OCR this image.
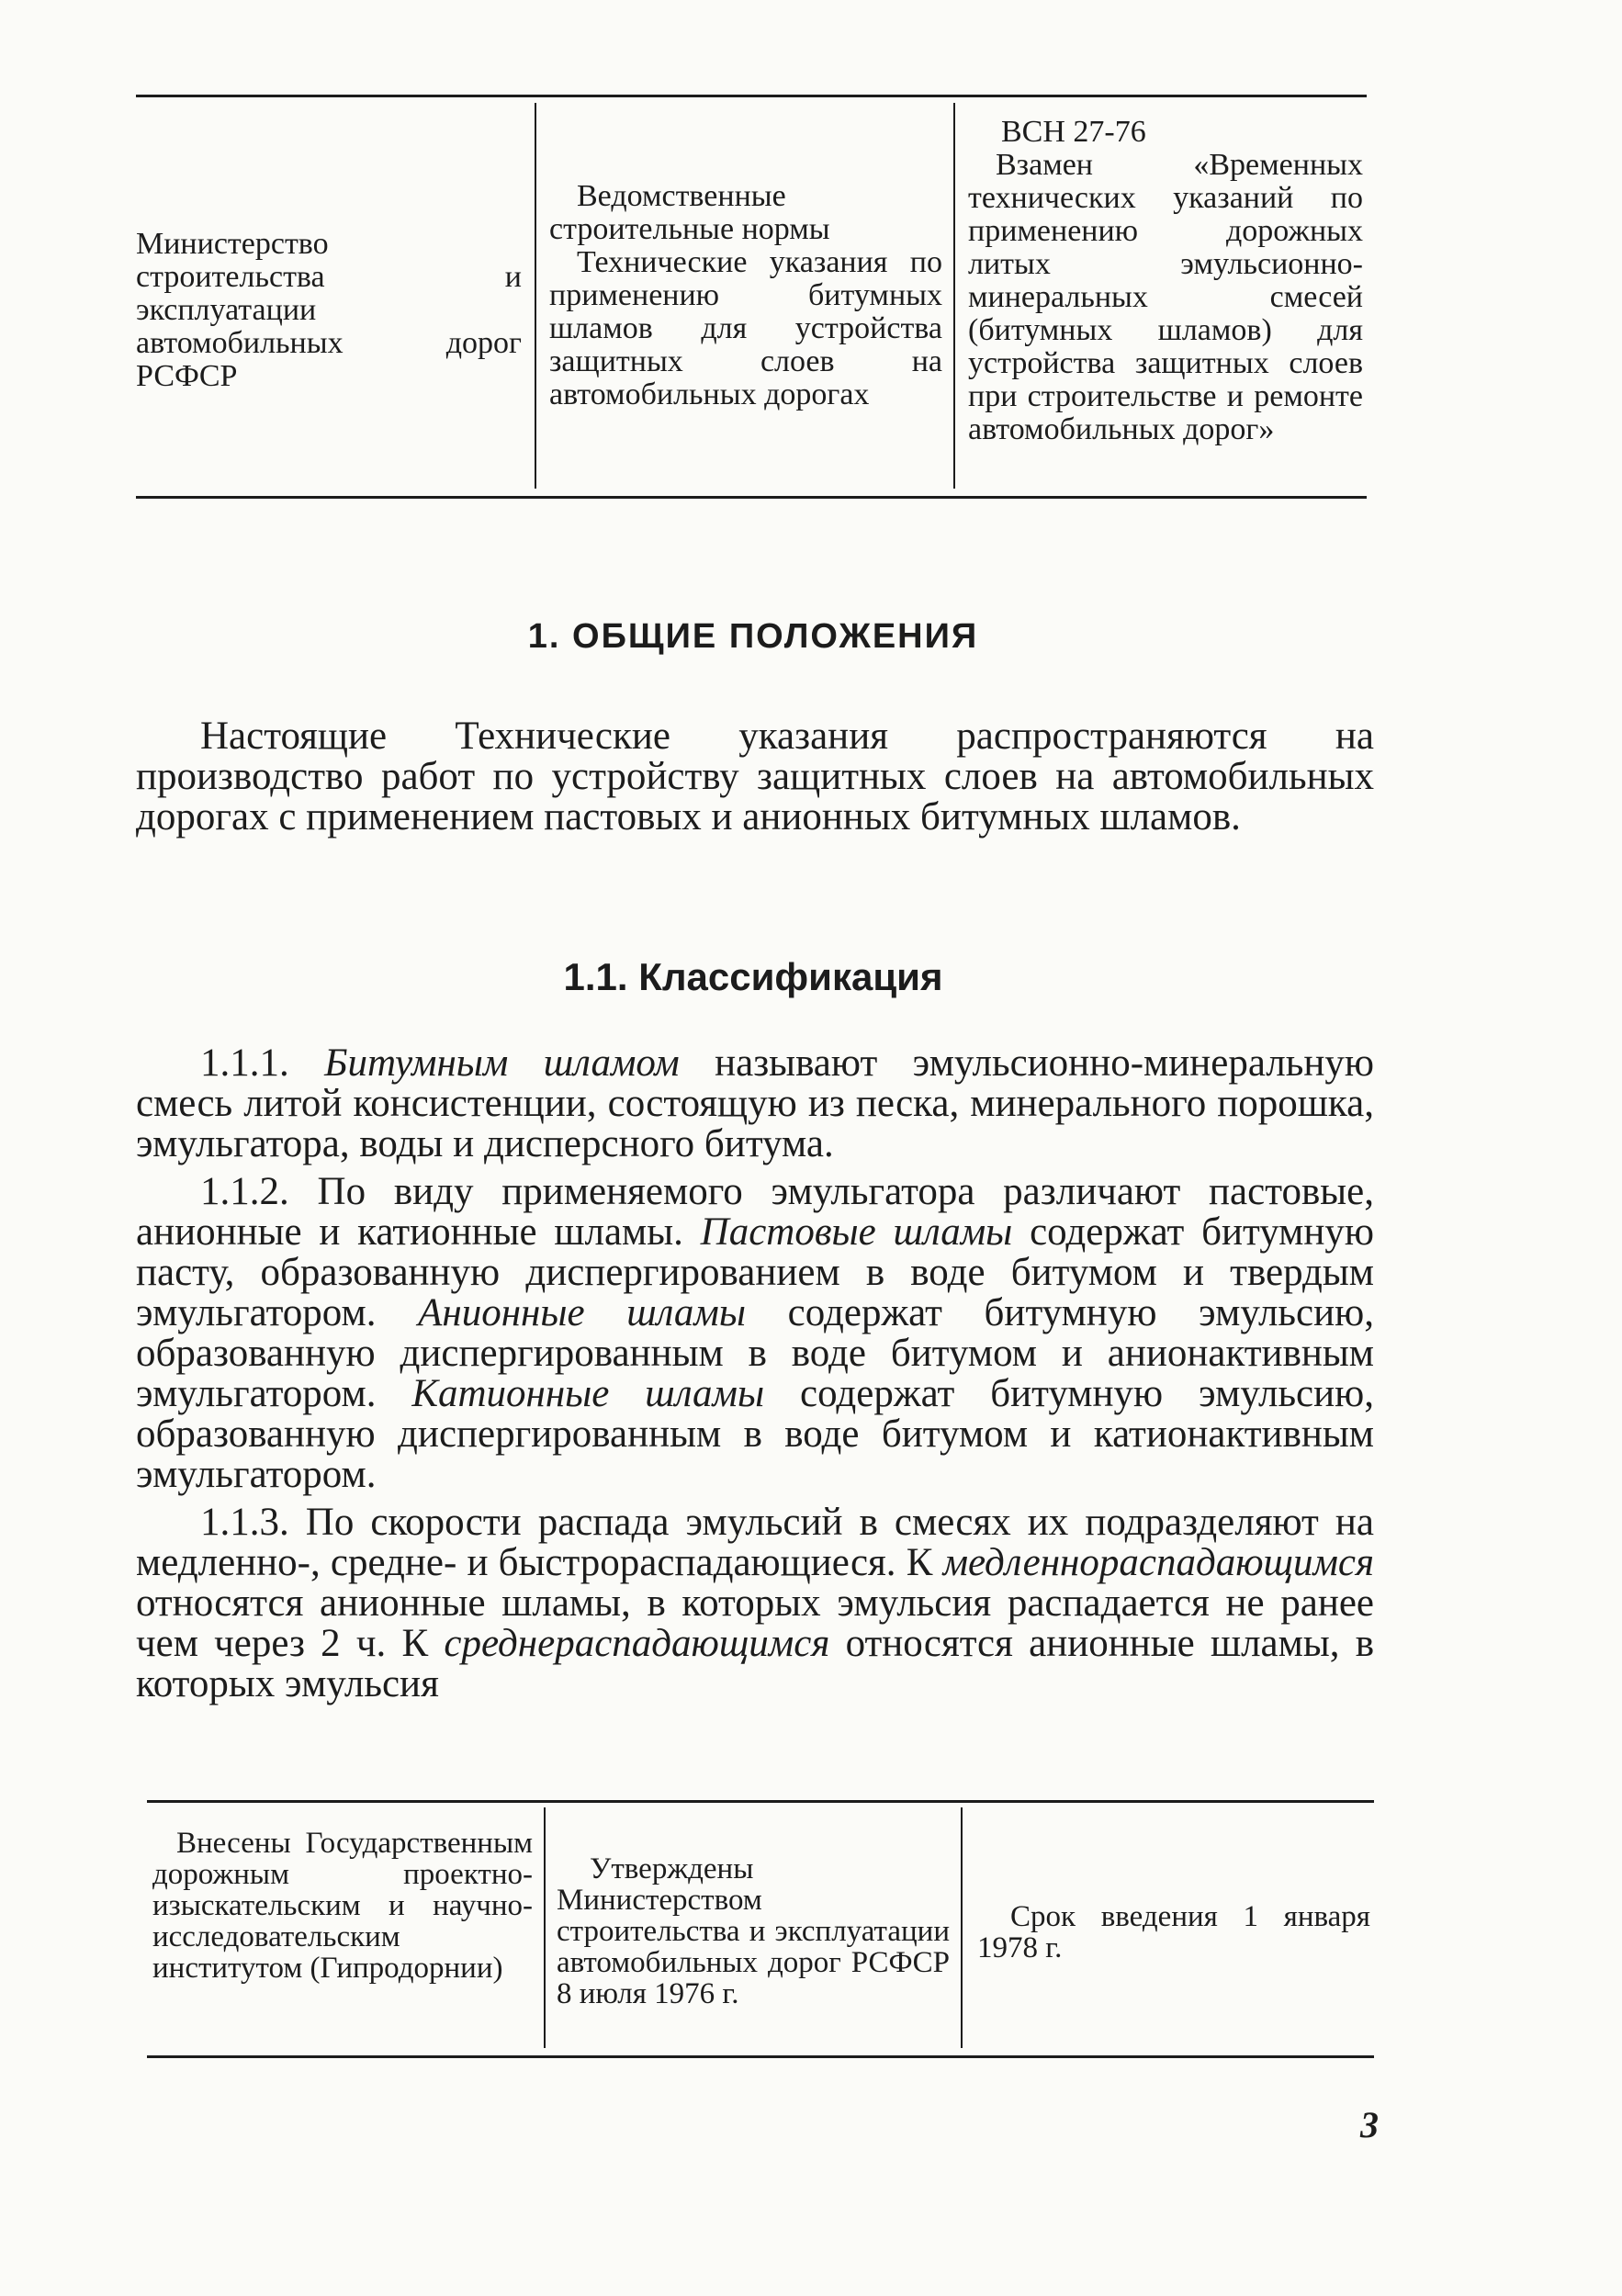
Министерство строительства и эксплуатации автомобильных дорог РСФСР

Ведомственные строительные нормы

Технические указания по применению битумных шламов для устройства защитных слоев на автомобильных дорогах

ВСН 27-76

Взамен «Временных технических указаний по применению дорожных литых эмульсионно-минеральных смесей (битумных шламов) для устройства защитных слоев при строительстве и ремонте автомобильных дорог»

1. ОБЩИЕ ПОЛОЖЕНИЯ

Настоящие Технические указания распространяются на производство работ по устройству защитных слоев на автомобильных дорогах с применением пастовых и анионных битумных шламов.

1.1. Классификация

1.1.1. Битумным шламом называют эмульсионно-минеральную смесь литой консистенции, состоящую из песка, минерального порошка, эмульгатора, воды и дисперсного битума.

1.1.2. По виду применяемого эмульгатора различают пастовые, анионные и катионные шламы. Пастовые шламы содержат битумную пасту, образованную диспергированием в воде битумом и твердым эмульгатором. Анионные шламы содержат битумную эмульсию, образованную диспергированным в воде битумом и анионактивным эмульгатором. Катионные шламы содержат битумную эмульсию, образованную диспергированным в воде битумом и катионактивным эмульгатором.

1.1.3. По скорости распада эмульсий в смесях их подразделяют на медленно-, средне- и быстрораспадающиеся. К медленнораспадающимся относятся анионные шламы, в которых эмульсия распадается не ранее чем через 2 ч. К среднераспадающимся относятся анионные шламы, в которых эмульсия

Внесены Государственным дорожным проектно-изыскательским и научно-исследовательским институтом (Гипродорнии)

Утверждены Министерством строительства и эксплуатации автомобильных дорог РСФСР 8 июля 1976 г.

Срок введения 1 января 1978 г.

3
